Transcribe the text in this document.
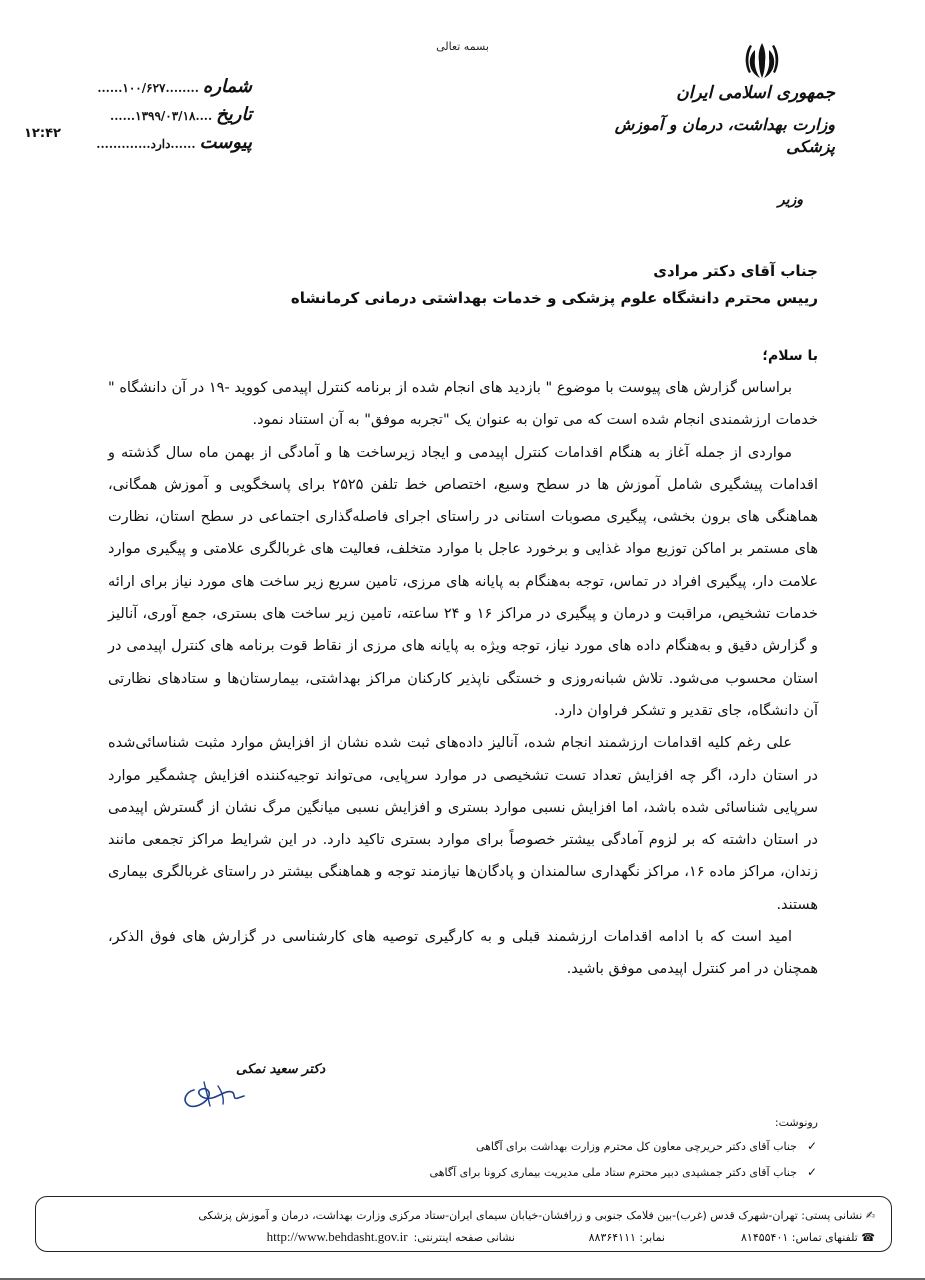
بسمه تعالی
جمهوری اسلامی ایران
وزارت بهداشت، درمان و آموزش پزشکی
وزیر
شماره
........۱۰۰/۶۲۷......
تاریخ
....۱۳۹۹/۰۳/۱۸......
پیوست
......دارد.............
۱۲:۴۲
جناب آقای دکتر مرادی
رییس محترم دانشگاه علوم پزشکی و خدمات بهداشتی درمانی کرمانشاه
با سلام؛

براساس گزارش های پیوست با موضوع " بازدید های انجام شده از برنامه کنترل اپیدمی کووید -۱۹ در آن دانشگاه " خدمات ارزشمندی انجام شده است که می توان به عنوان یک "تجربه موفق" به آن استناد نمود.

مواردی از جمله آغاز به هنگام اقدامات کنترل اپیدمی و ایجاد زیرساخت ها و آمادگی از بهمن ماه سال گذشته و اقدامات پیشگیری شامل آموزش ها در سطح وسیع، اختصاص خط تلفن ۲۵۲۵ برای پاسخگویی و آموزش همگانی، هماهنگی های برون بخشی، پیگیری مصوبات استانی در راستای اجرای فاصله‌گذاری اجتماعی در سطح استان، نظارت های مستمر بر اماکن توزیع مواد غذایی و برخورد عاجل با موارد متخلف، فعالیت های غربالگری علامتی و پیگیری موارد علامت دار، پیگیری افراد در تماس، توجه به‌هنگام به پایانه های مرزی، تامین سریع زیر ساخت های مورد نیاز برای ارائه خدمات تشخیص، مراقبت و درمان و پیگیری در مراکز ۱۶ و ۲۴ ساعته، تامین زیر ساخت های بستری، جمع آوری، آنالیز و گزارش دقیق و به‌هنگام داده های مورد نیاز، توجه ویژه به پایانه های مرزی از نقاط قوت برنامه های کنترل اپیدمی در استان محسوب می‌شود. تلاش شبانه‌روزی و خستگی ناپذیر کارکنان مراکز بهداشتی، بیمارستان‌ها و ستادهای نظارتی آن دانشگاه، جای تقدیر و تشکر فراوان دارد.

علی رغم کلیه اقدامات ارزشمند انجام شده، آنالیز داده‌های ثبت شده نشان از افزایش موارد مثبت شناسائی‌شده در استان دارد، اگر چه افزایش تعداد تست تشخیصی در موارد سرپایی، می‌تواند توجیه‌کننده افزایش چشمگیر موارد سرپایی شناسائی شده باشد، اما افزایش نسبی موارد بستری و افزایش نسبی میانگین مرگ نشان از گسترش اپیدمی در استان داشته که بر لزوم آمادگی بیشتر خصوصاً برای موارد بستری تاکید دارد. در این شرایط مراکز تجمعی مانند زندان، مراکز ماده ۱۶، مراکز نگهداری سالمندان و پادگان‌ها نیازمند توجه و هماهنگی بیشتر در راستای غربالگری بیماری هستند.

امید است که با ادامه اقدامات ارزشمند قبلی و به کارگیری توصیه های کارشناسی در گزارش های فوق الذکر، همچنان در امر کنترل اپیدمی موفق باشید.

دکتر سعید نمکی
رونوشت:
✓
جناب آقای دکتر حریرچی معاون کل محترم وزارت بهداشت برای آگاهی
✓
جناب آقای دکتر جمشیدی دبیر محترم ستاد ملی مدیریت بیماری کرونا برای آگاهی
✍ نشانی پستی: تهران-شهرک قدس (غرب)-بین فلامک جنوبی و زرافشان-خیابان سیمای ایران-ستاد مرکزی وزارت بهداشت، درمان و آموزش پزشکی
☎ تلفنهای تماس: ۸۱۴۵۵۴۰۱
نمابر: ۸۸۳۶۴۱۱۱
نشانی صفحه اینترنتی:
http://www.behdasht.gov.ir
